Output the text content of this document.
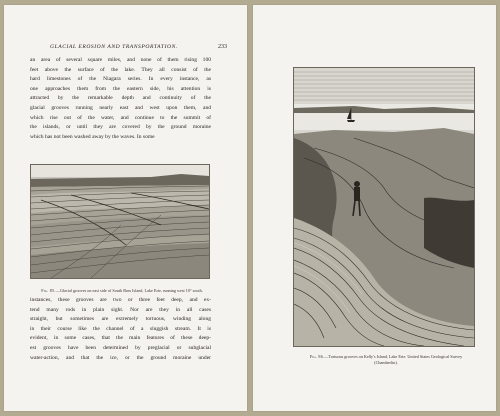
GLACIAL EROSION AND TRANSPORTATION.	233
an area of several square miles, and none of them rising 100
feet above the surface of the lake. They all consist of the
hard limestones of the Niagara series. In every instance, as
one approaches them from the eastern side, his attention is
attracted by the remarkable depth and continuity of the
glacial grooves running nearly east and west upon them, and
which rise out of the water, and continue to the summit of
the islands, or until they are covered by the ground moraine
which has not been washed away by the waves. In some
Fig. 85.—Glacial grooves on east side of South Bass Island, Lake Erie, running west 10° south.
instances, these grooves are two or three feet deep, and ex-
tend many rods in plain sight. Nor are they in all cases
straight, but sometimes are extremely tortuous, winding along
in their course like the channel of a sluggish stream. It is
evident, in some cases, that the main features of these deep-
est grooves have been determined by preglacial or subglacial
water-action, and that the ice, or the ground moraine under	Fig. 86.—Tortuous grooves on Kelly's Island, Lake Erie. United States Geological Survey (Chamberlin).
